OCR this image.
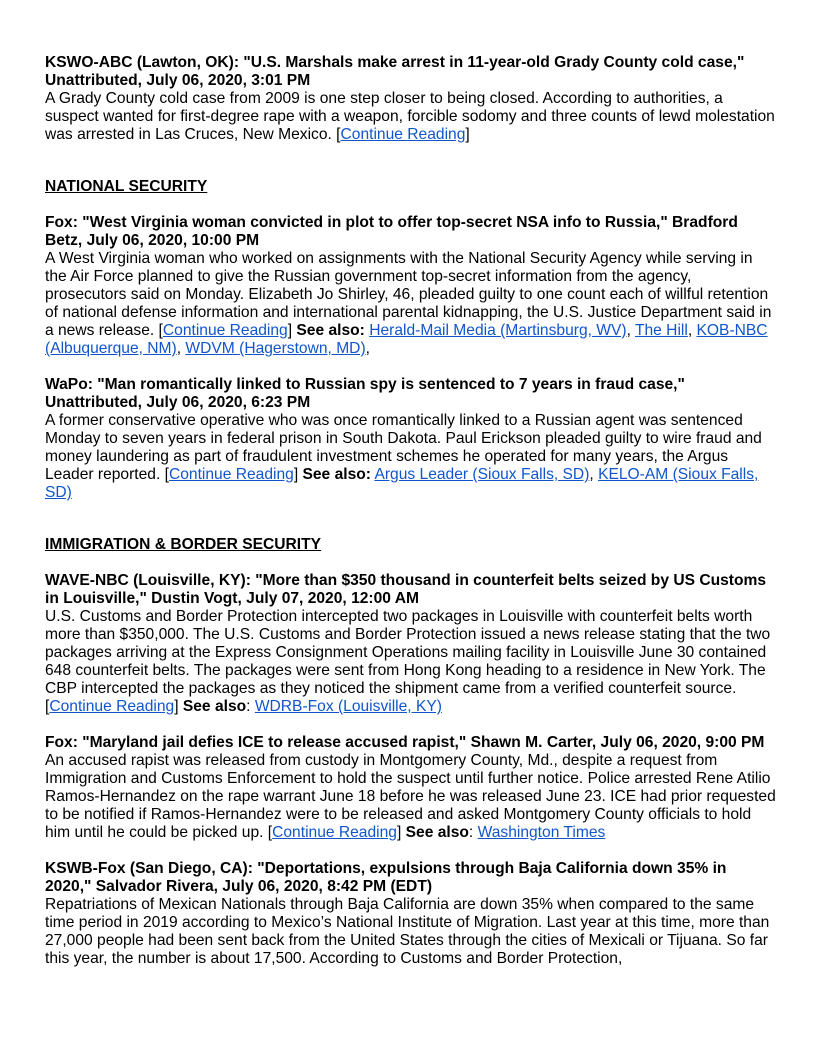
KSWO-ABC (Lawton, OK): "U.S. Marshals make arrest in 11-year-old Grady County cold case," Unattributed, July 06, 2020, 3:01 PM
A Grady County cold case from 2009 is one step closer to being closed. According to authorities, a suspect wanted for first-degree rape with a weapon, forcible sodomy and three counts of lewd molestation was arrested in Las Cruces, New Mexico. [Continue Reading]
NATIONAL SECURITY
Fox: "West Virginia woman convicted in plot to offer top-secret NSA info to Russia," Bradford Betz, July 06, 2020, 10:00 PM
A West Virginia woman who worked on assignments with the National Security Agency while serving in the Air Force planned to give the Russian government top-secret information from the agency, prosecutors said on Monday. Elizabeth Jo Shirley, 46, pleaded guilty to one count each of willful retention of national defense information and international parental kidnapping, the U.S. Justice Department said in a news release. [Continue Reading] See also: Herald-Mail Media (Martinsburg, WV), The Hill, KOB-NBC (Albuquerque, NM), WDVM (Hagerstown, MD),
WaPo: "Man romantically linked to Russian spy is sentenced to 7 years in fraud case," Unattributed, July 06, 2020, 6:23 PM
A former conservative operative who was once romantically linked to a Russian agent was sentenced Monday to seven years in federal prison in South Dakota. Paul Erickson pleaded guilty to wire fraud and money laundering as part of fraudulent investment schemes he operated for many years, the Argus Leader reported. [Continue Reading] See also: Argus Leader (Sioux Falls, SD), KELO-AM (Sioux Falls, SD)
IMMIGRATION & BORDER SECURITY
WAVE-NBC (Louisville, KY): "More than $350 thousand in counterfeit belts seized by US Customs in Louisville," Dustin Vogt, July 07, 2020, 12:00 AM
U.S. Customs and Border Protection intercepted two packages in Louisville with counterfeit belts worth more than $350,000. The U.S. Customs and Border Protection issued a news release stating that the two packages arriving at the Express Consignment Operations mailing facility in Louisville June 30 contained 648 counterfeit belts. The packages were sent from Hong Kong heading to a residence in New York. The CBP intercepted the packages as they noticed the shipment came from a verified counterfeit source. [Continue Reading] See also: WDRB-Fox (Louisville, KY)
Fox: "Maryland jail defies ICE to release accused rapist," Shawn M. Carter, July 06, 2020, 9:00 PM
An accused rapist was released from custody in Montgomery County, Md., despite a request from Immigration and Customs Enforcement to hold the suspect until further notice. Police arrested Rene Atilio Ramos-Hernandez on the rape warrant June 18 before he was released June 23. ICE had prior requested to be notified if Ramos-Hernandez were to be released and asked Montgomery County officials to hold him until he could be picked up. [Continue Reading] See also: Washington Times
KSWB-Fox (San Diego, CA): "Deportations, expulsions through Baja California down 35% in 2020," Salvador Rivera, July 06, 2020, 8:42 PM (EDT)
Repatriations of Mexican Nationals through Baja California are down 35% when compared to the same time period in 2019 according to Mexico’s National Institute of Migration. Last year at this time, more than 27,000 people had been sent back from the United States through the cities of Mexicali or Tijuana. So far this year, the number is about 17,500. According to Customs and Border Protection,
